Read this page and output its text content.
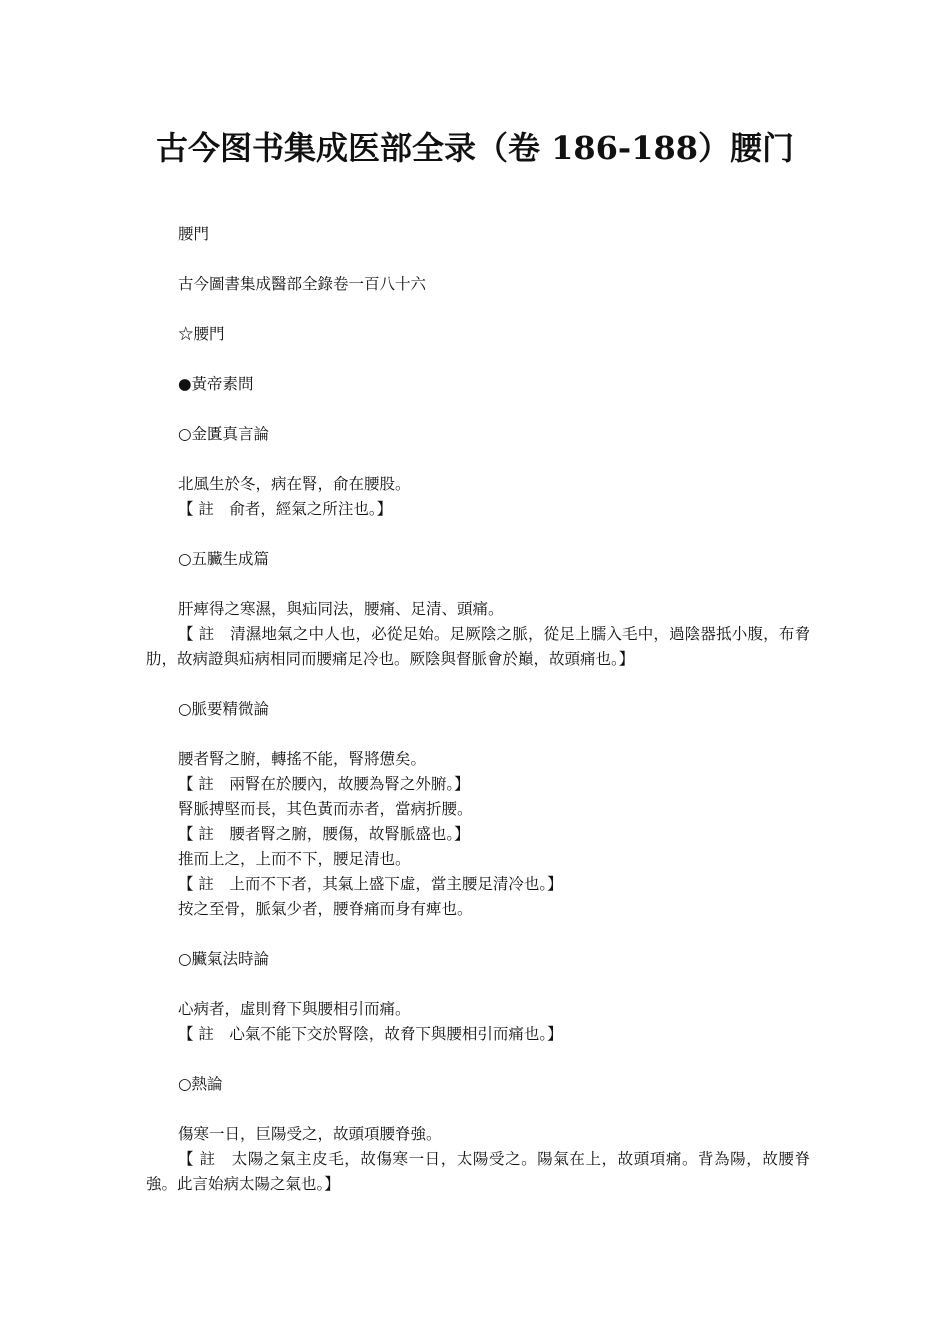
古今图书集成医部全录（卷 186-188）腰门

腰門

古今圖書集成醫部全錄卷一百八十六

☆腰門

●黃帝素問

○金匱真言論

北風生於冬，病在腎，俞在腰股。

【 註　俞者，經氣之所注也。】

○五臟生成篇

肝痺得之寒濕，與疝同法，腰痛、足清、頭痛。

【 註　清濕地氣之中人也，必從足始。足厥陰之脈，從足上臑入毛中，過陰器抵小腹，布脅肋，故病證與疝病相同而腰痛足冷也。厥陰與督脈會於巔，故頭痛也。】

○脈要精微論

腰者腎之腑，轉搖不能，腎將憊矣。

【 註　兩腎在於腰內，故腰為腎之外腑。】

腎脈搏堅而長，其色黃而赤者，當病折腰。

【 註　腰者腎之腑，腰傷，故腎脈盛也。】

推而上之，上而不下，腰足清也。

【 註　上而不下者，其氣上盛下虛，當主腰足清冷也。】

按之至骨，脈氣少者，腰脊痛而身有痺也。

○臟氣法時論

心病者，虛則脅下與腰相引而痛。

【 註　心氣不能下交於腎陰，故脅下與腰相引而痛也。】

○熱論

傷寒一日，巨陽受之，故頭項腰脊強。

【 註　太陽之氣主皮毛，故傷寒一日，太陽受之。陽氣在上，故頭項痛。背為陽，故腰脊強。此言始病太陽之氣也。】
